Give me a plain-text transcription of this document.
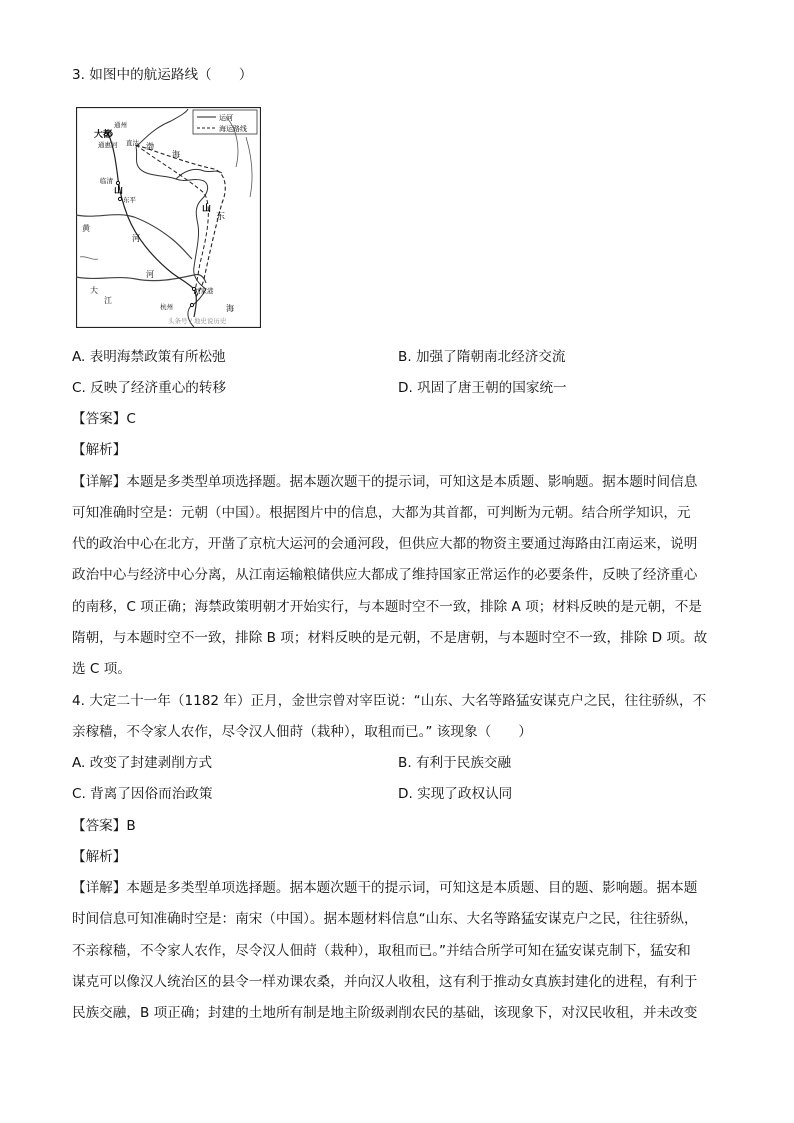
3. 如图中的航运路线（　　）
运河
海运路线
大都
通州
通惠河 直沽 渤
海
临清
山
东平
山
东
黄
河
大
江
河
刘家港
杭州	海
头条号 / 地史说历史
A. 表明海禁政策有所松弛	B. 加强了隋朝南北经济交流
C. 反映了经济重心的转移	D. 巩固了唐王朝的国家统一
【答案】C
【解析】
【详解】本题是多类型单项选择题。据本题次题干的提示词，可知这是本质题、影响题。据本题时间信息
可知准确时空是：元朝（中国）。根据图片中的信息，大都为其首都，可判断为元朝。结合所学知识，元
代的政治中心在北方，开凿了京杭大运河的会通河段，但供应大都的物资主要通过海路由江南运来，说明
政治中心与经济中心分离，从江南运输粮储供应大都成了维持国家正常运作的必要条件，反映了经济重心
的南移，C 项正确；海禁政策明朝才开始实行，与本题时空不一致，排除 A 项；材料反映的是元朝，不是
隋朝，与本题时空不一致，排除 B 项；材料反映的是元朝，不是唐朝，与本题时空不一致，排除 D 项。故
选 C 项。
4. 大定二十一年（1182 年）正月，金世宗曾对宰臣说：“山东、大名等路猛安谋克户之民，往往骄纵，不
亲稼穑，不令家人农作，尽令汉人佃莳（栽种），取租而已。” 该现象（　　）
A. 改变了封建剥削方式	B. 有利于民族交融
C. 背离了因俗而治政策	D. 实现了政权认同
【答案】B
【解析】
【详解】本题是多类型单项选择题。据本题次题干的提示词，可知这是本质题、目的题、影响题。据本题
时间信息可知准确时空是：南宋（中国）。据本题材料信息“山东、大名等路猛安谋克户之民，往往骄纵，
不亲稼穑，不令家人农作，尽令汉人佃莳（栽种），取租而已。”并结合所学可知在猛安谋克制下，猛安和
谋克可以像汉人统治区的县令一样劝课农桑，并向汉人收租，这有利于推动女真族封建化的进程，有利于
民族交融，B 项正确；封建的土地所有制是地主阶级剥削农民的基础，该现象下，对汉民收租，并未改变
